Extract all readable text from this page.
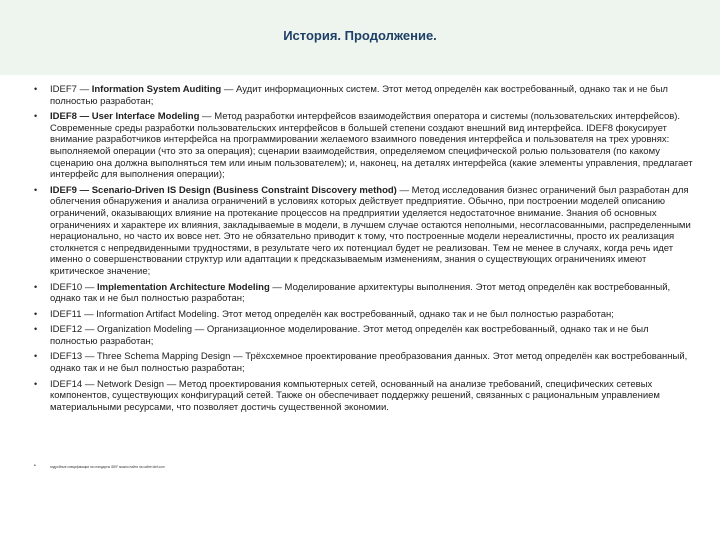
История. Продолжение.
• IDEF7 — Information System Auditing — Аудит информационных систем. Этот метод определён как востребованный, однако так и не был полностью разработан;
• IDEF8 — User Interface Modeling — Метод разработки интерфейсов взаимодействия оператора и системы (пользовательских интерфейсов). Современные среды разработки пользовательских интерфейсов в большей степени создают внешний вид интерфейса. IDEF8 фокусирует внимание разработчиков интерфейса на программировании желаемого взаимного поведения интерфейса и пользователя на трех уровнях: выполняемой операции (что это за операция); сценарии взаимодействия, определяемом специфической ролью пользователя (по какому сценарию она должна выполняться тем или иным пользователем); и, наконец, на деталях интерфейса (какие элементы управления, предлагает интерфейс для выполнения операции);
• IDEF9 — Scenario-Driven IS Design (Business Constraint Discovery method) — Метод исследования бизнес ограничений был разработан для облегчения обнаружения и анализа ограничений в условиях которых действует предприятие. Обычно, при построении моделей описанию ограничений, оказывающих влияние на протекание процессов на предприятии уделяется недостаточное внимание. Знания об основных ограничениях и характере их влияния, закладываемые в модели, в лучшем случае остаются неполными, несогласованными, распределенными нерационально, но часто их вовсе нет. Это не обязательно приводит к тому, что построенные модели нереалистичны, просто их реализация столкнется с непредвиденными трудностями, в результате чего их потенциал будет не реализован. Тем не менее в случаях, когда речь идет именно о совершенствовании структур или адаптации к предсказываемым изменениям, знания о существующих ограничениях имеют критическое значение;
• IDEF10 — Implementation Architecture Modeling — Моделирование архитектуры выполнения. Этот метод определён как востребованный, однако так и не был полностью разработан;
• IDEF11 — Information Artifact Modeling. Этот метод определён как востребованный, однако так и не был полностью разработан;
• IDEF12 — Organization Modeling — Организационное моделирование. Этот метод определён как востребованный, однако так и не был полностью разработан;
• IDEF13 — Three Schema Mapping Design — Трёхсхемное проектирование преобразования данных. Этот метод определён как востребованный, однако так и не был полностью разработан;
• IDEF14 — Network Design — Метод проектирования компьютерных сетей, основанный на анализе требований, специфических сетевых компонентов, существующих конфигураций сетей. Также он обеспечивает поддержку решений, связанных с рациональным управлением материальными ресурсами, что позволяет достичь существенной экономии.
•	подробные спецификации на стандарты IDEF можно найти на сайте idef.com
